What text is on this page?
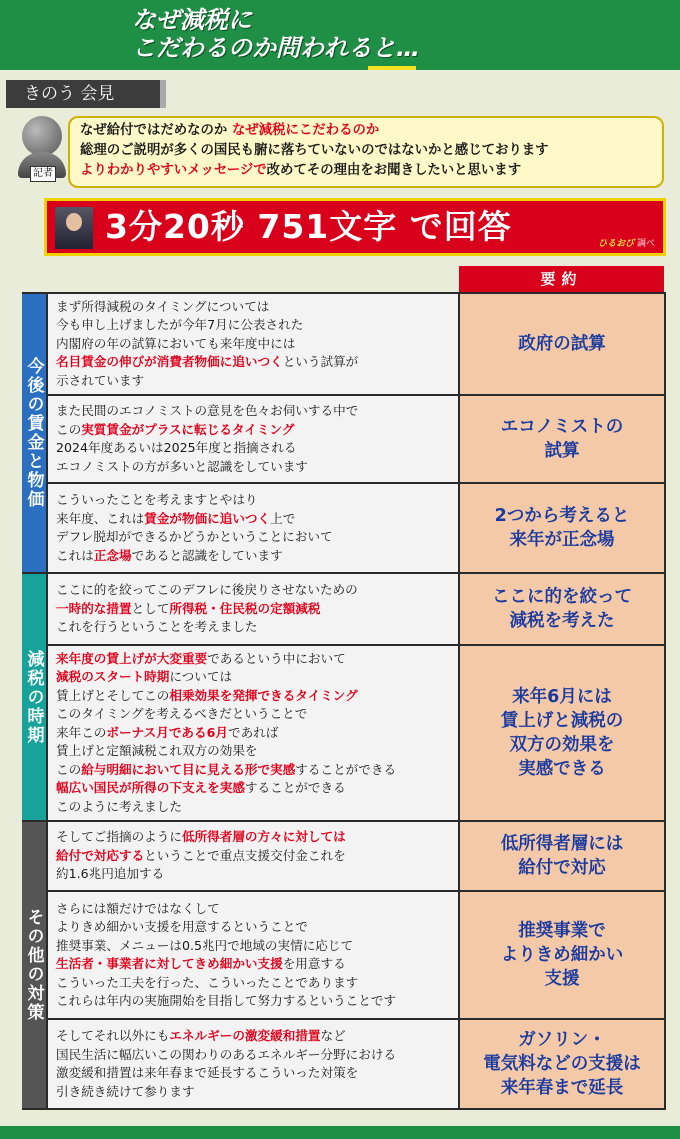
なぜ減税に
こだわるのか問われると…
きのう 会見
記者
なぜ給付ではだめなのか なぜ減税にこだわるのか
総理のご説明が多くの国民も腑に落ちていないのではないかと感じております
よりわかりやすいメッセージで改めてその理由をお聞きしたいと思います
3分20秒 751文字 で回答	ひるおび 調べ
要約
今後の賃金と物価
減税の時期
その他の対策
まず所得減税のタイミングについては
今も申し上げましたが今年7月に公表された
内閣府の年の試算においても来年度中には
名目賃金の伸びが消費者物価に追いつくという試算が
示されています
政府の試算
また民間のエコノミストの意見を色々お伺いする中で
この実質賃金がプラスに転じるタイミング
2024年度あるいは2025年度と指摘される
エコノミストの方が多いと認識をしています
エコノミストの
試算
こういったことを考えますとやはり
来年度、これは賃金が物価に追いつく上で
デフレ脱却ができるかどうかということにおいて
これは正念場であると認識をしています
2つから考えると
来年が正念場
ここに的を絞ってこのデフレに後戻りさせないための
一時的な措置として所得税・住民税の定額減税
これを行うということを考えました
ここに的を絞って
減税を考えた
来年度の賃上げが大変重要であるという中において
減税のスタート時期については
賃上げとそしてこの相乗効果を発揮できるタイミング
このタイミングを考えるべきだということで
来年このボーナス月である6月であれば
賃上げと定額減税これ双方の効果を
この給与明細において目に見える形で実感することができる
幅広い国民が所得の下支えを実感することができる
このように考えました
来年6月には
賃上げと減税の
双方の効果を
実感できる
そしてご指摘のように低所得者層の方々に対しては
給付で対応するということで重点支援交付金これを
約1.6兆円追加する
低所得者層には
給付で対応
さらには額だけではなくして
よりきめ細かい支援を用意するということで
推奨事業、メニューは0.5兆円で地域の実情に応じて
生活者・事業者に対してきめ細かい支援を用意する
こういった工夫を行った、こういったことであります
これらは年内の実施開始を目指して努力するということです
推奨事業で
よりきめ細かい
支援
そしてそれ以外にもエネルギーの激変緩和措置など
国民生活に幅広いこの関わりのあるエネルギー分野における
激変緩和措置は来年春まで延長するこういった対策を
引き続き続けて参ります
ガソリン・
電気料などの支援は
来年春まで延長
